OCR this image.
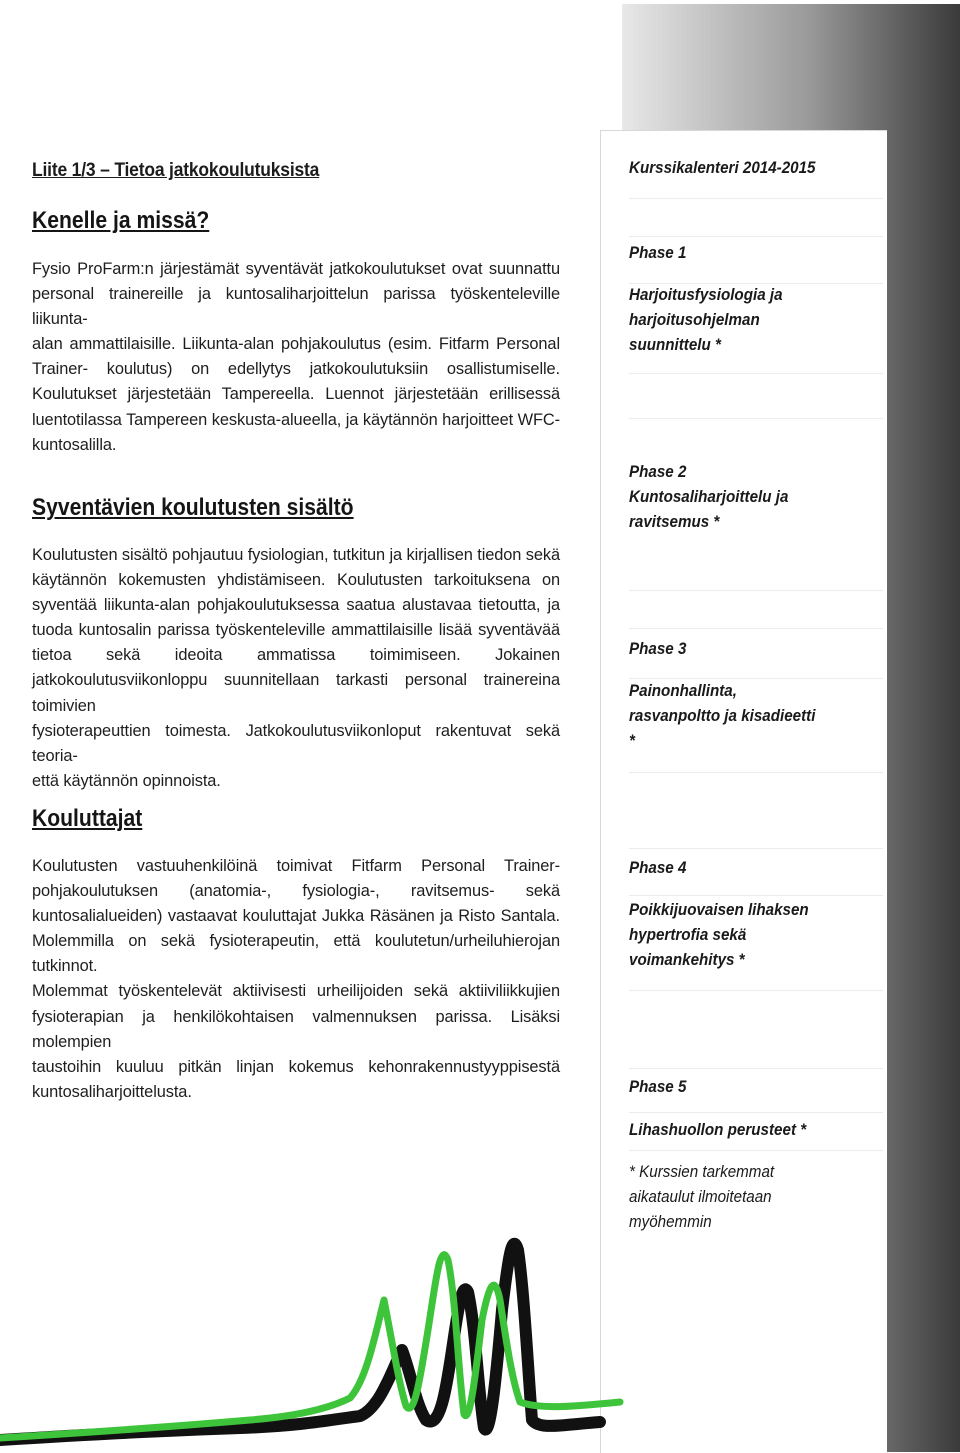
Liite 1/3 – Tietoa jatkokoulutuksista
Kenelle ja missä?
Fysio ProFarm:n järjestämät syventävät jatkokoulutukset ovat suunnattu
personal trainereille ja kuntosaliharjoittelun parissa työskenteleville liikunta-
alan ammattilaisille. Liikunta-alan pohjakoulutus (esim. Fitfarm Personal
Trainer- koulutus) on edellytys jatkokoulutuksiin osallistumiselle.
Koulutukset järjestetään Tampereella. Luennot järjestetään erillisessä
luentotilassa Tampereen keskusta-alueella, ja käytännön harjoitteet WFC-
kuntosalilla.
Syventävien koulutusten sisältö
Koulutusten sisältö pohjautuu fysiologian, tutkitun ja kirjallisen tiedon sekä
käytännön kokemusten yhdistämiseen. Koulutusten tarkoituksena on
syventää liikunta-alan pohjakoulutuksessa saatua alustavaa tietoutta, ja
tuoda kuntosalin parissa työskenteleville ammattilaisille lisää syventävää
tietoa sekä ideoita ammatissa toimimiseen. Jokainen
jatkokoulutusviikonloppu suunnitellaan tarkasti personal trainereina toimivien
fysioterapeuttien toimesta. Jatkokoulutusviikonloput rakentuvat sekä teoria-
että käytännön opinnoista.
Kouluttajat
Koulutusten vastuuhenkilöinä toimivat Fitfarm Personal Trainer-
pohjakoulutuksen (anatomia-, fysiologia-, ravitsemus- sekä
kuntosalialueiden) vastaavat kouluttajat Jukka Räsänen ja Risto Santala.
Molemmilla on sekä fysioterapeutin, että koulutetun/urheiluhierojan tutkinnot.
Molemmat työskentelevät aktiivisesti urheilijoiden sekä aktiiviliikkujien
fysioterapian ja henkilökohtaisen valmennuksen parissa. Lisäksi molempien
taustoihin kuuluu pitkän linjan kokemus kehonrakennustyyppisestä
kuntosaliharjoittelusta.
Kurssikalenteri 2014-2015
Phase 1
Harjoitusfysiologia ja
harjoitusohjelman
suunnittelu *
Phase 2
Kuntosaliharjoittelu ja
ravitsemus *
Phase 3
Painonhallinta,
rasvanpoltto ja kisadieetti
*
Phase 4
Poikkijuovaisen lihaksen
hypertrofia sekä
voimankehitys *
Phase 5
Lihashuollon perusteet *
* Kurssien tarkemmat
aikataulut ilmoitetaan
myöhemmin
